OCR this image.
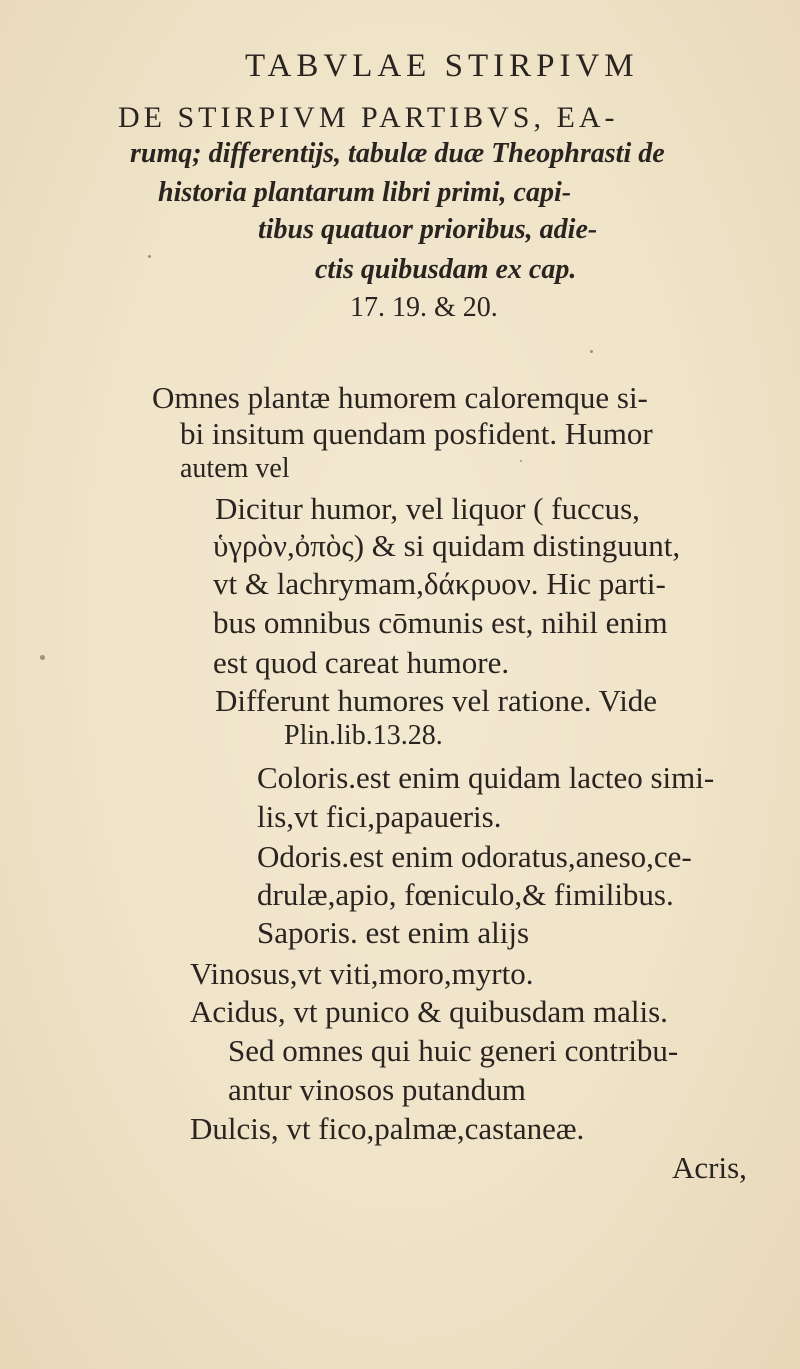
TABVLAE STIRPIVM
DE STIRPIVM PARTIBVS, EA-
rumq; differentijs, tabulæ duæ Theophrasti de
historia plantarum libri primi, capi-
tibus quatuor prioribus, adie-
ctis quibusdam ex cap.
17. 19. & 20.
Omnes plantæ humorem caloremque si-
bi insitum quendam posfident. Humor
autem vel
Dicitur humor, vel liquor ( fuccus,
ὑγρὸν,ὀπὸς) & si quidam distinguunt,
vt & lachrymam,δάκρυον. Hic parti-
bus omnibus cōmunis est, nihil enim
est quod careat humore.
Differunt humores vel ratione. Vide
Plin.lib.13.28.
Coloris.est enim quidam lacteo simi-
lis,vt fici,papaueris.
Odoris.est enim odoratus,aneso,ce-
drulæ,apio, fœniculo,& fimilibus.
Saporis. est enim alijs
Vinosus,vt viti,moro,myrto.
Acidus, vt punico & quibusdam malis.
Sed omnes qui huic generi contribu-
antur vinosos putandum
Dulcis, vt fico,palmæ,castaneæ.
Acris,
